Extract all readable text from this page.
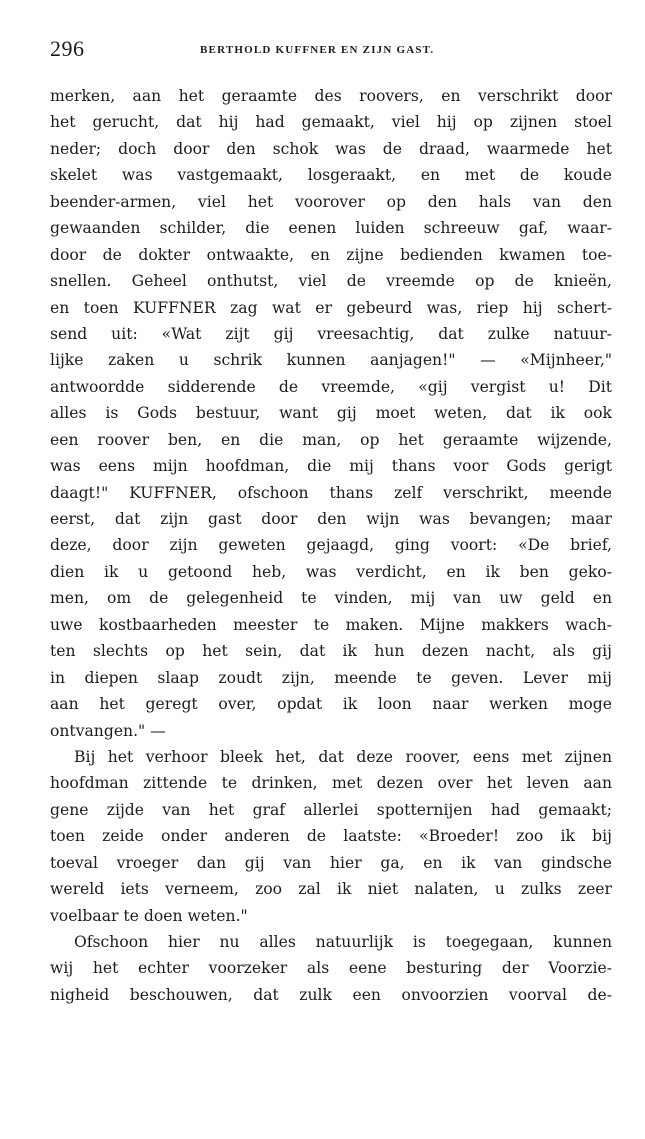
296	BERTHOLD KUFFNER EN ZIJN GAST.
merken, aan het geraamte des roovers, en verschrikt door
het gerucht, dat hij had gemaakt, viel hij op zijnen stoel
neder; doch door den schok was de draad, waarmede het
skelet was vastgemaakt, losgeraakt, en met de koude
beender-armen, viel het voorover op den hals van den
gewaanden schilder, die eenen luiden schreeuw gaf, waar-
door de dokter ontwaakte, en zijne bedienden kwamen toe-
snellen. Geheel onthutst, viel de vreemde op de knieën,
en toen KUFFNER zag wat er gebeurd was, riep hij schert-
send uit: «Wat zijt gij vreesachtig, dat zulke natuur-
lijke zaken u schrik kunnen aanjagen!" — «Mijnheer,"
antwoordde sidderende de vreemde, «gij vergist u! Dit
alles is Gods bestuur, want gij moet weten, dat ik ook
een roover ben, en die man, op het geraamte wijzende,
was eens mijn hoofdman, die mij thans voor Gods gerigt
daagt!" KUFFNER, ofschoon thans zelf verschrikt, meende
eerst, dat zijn gast door den wijn was bevangen; maar
deze, door zijn geweten gejaagd, ging voort: «De brief,
dien ik u getoond heb, was verdicht, en ik ben geko-
men, om de gelegenheid te vinden, mij van uw geld en
uwe kostbaarheden meester te maken. Mijne makkers wach-
ten slechts op het sein, dat ik hun dezen nacht, als gij
in diepen slaap zoudt zijn, meende te geven. Lever mij
aan het geregt over, opdat ik loon naar werken moge
ontvangen." —
Bij het verhoor bleek het, dat deze roover, eens met zijnen
hoofdman zittende te drinken, met dezen over het leven aan
gene zijde van het graf allerlei spotternijen had gemaakt;
toen zeide onder anderen de laatste: «Broeder! zoo ik bij
toeval vroeger dan gij van hier ga, en ik van gindsche
wereld iets verneem, zoo zal ik niet nalaten, u zulks zeer
voelbaar te doen weten."
Ofschoon hier nu alles natuurlijk is toegegaan, kunnen
wij het echter voorzeker als eene besturing der Voorzie-
nigheid beschouwen, dat zulk een onvoorzien voorval de-
